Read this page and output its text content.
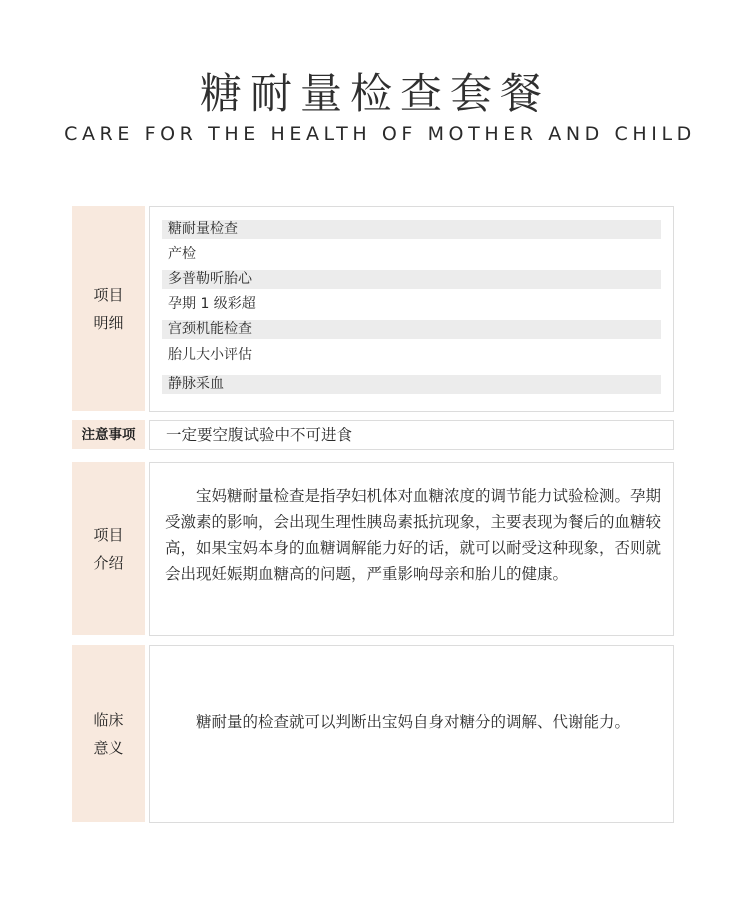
糖耐量检查套餐
CARE FOR THE HEALTH OF MOTHER AND CHILD
项目
明细
糖耐量检查
产检
多普勒听胎心
孕期 1 级彩超
宫颈机能检查
胎儿大小评估
静脉采血
注意事项	一定要空腹试验中不可进食
项目
介绍
宝妈糖耐量检查是指孕妇机体对血糖浓度的调节能力试验检测。孕期受激素的影响，会出现生理性胰岛素抵抗现象，主要表现为餐后的血糖较高，如果宝妈本身的血糖调解能力好的话，就可以耐受这种现象，否则就会出现妊娠期血糖高的问题，严重影响母亲和胎儿的健康。
临床
意义
糖耐量的检查就可以判断出宝妈自身对糖分的调解、代谢能力。
